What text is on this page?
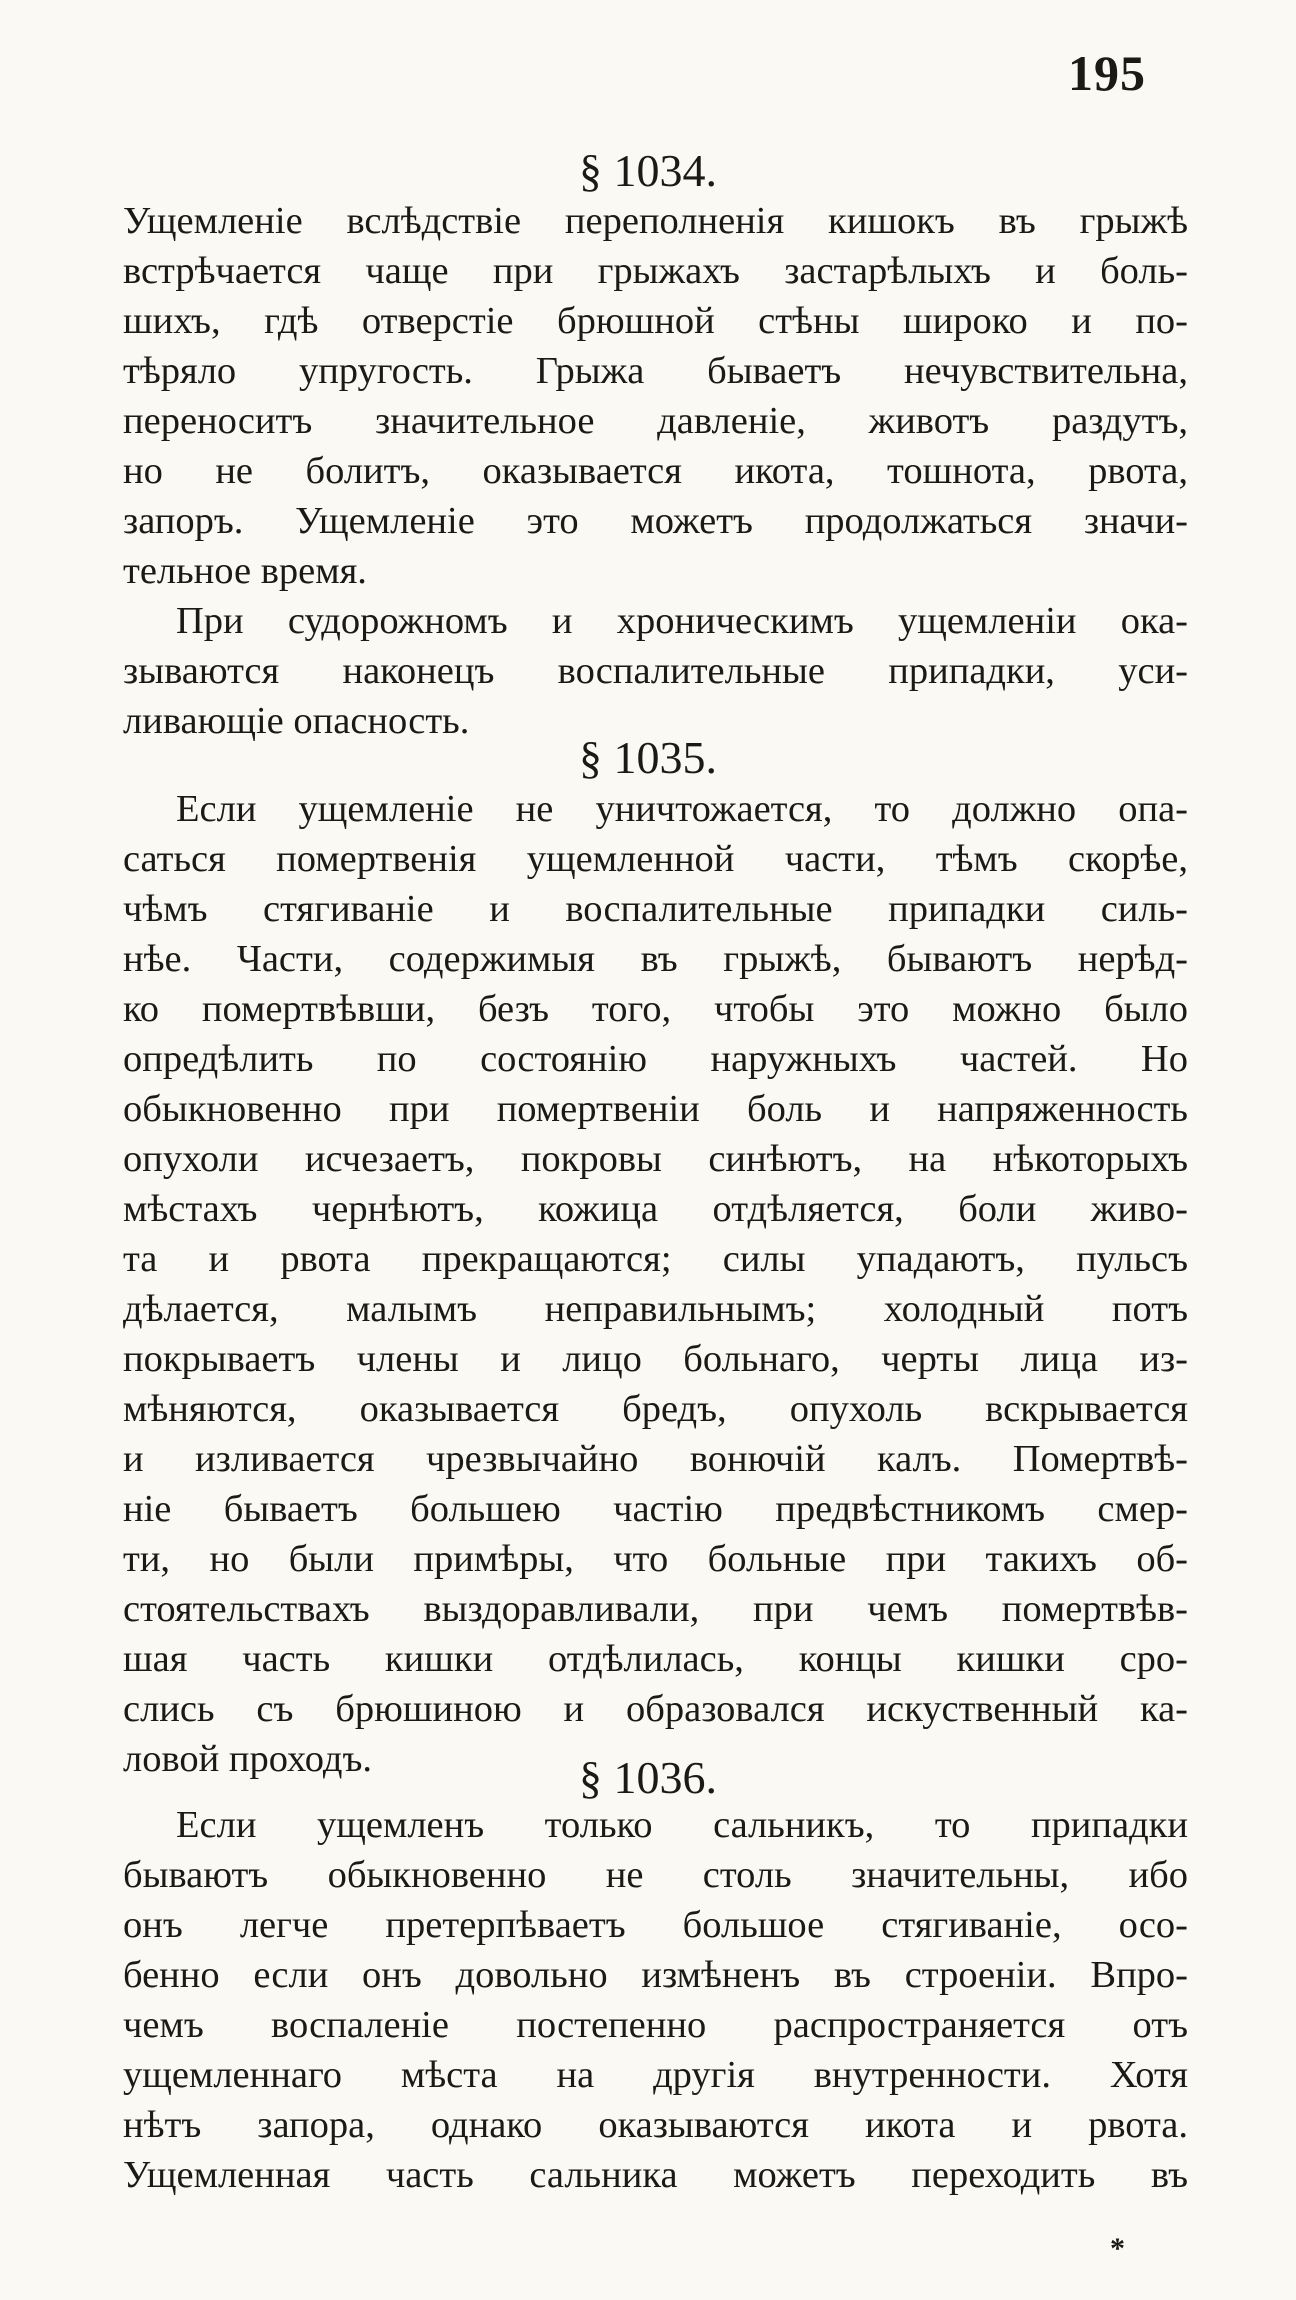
195
§ 1034.
Ущемленіе вслѣдствіе переполненія кишокъ въ грыжѣ
встрѣчается чаще при грыжахъ застарѣлыхъ и боль-
шихъ, гдѣ отверстіе брюшной стѣны широко и по-
тѣряло упругость. Грыжа бываетъ нечувствительна,
переноситъ значительное давленіе, животъ раздутъ,
но не болитъ, оказывается икота, тошнота, рвота,
запоръ. Ущемленіе это можетъ продолжаться значи-
тельное время.
При судорожномъ и хроническимъ ущемленіи ока-
зываются наконецъ воспалительные припадки, уси-
ливающіе опасность.
§ 1035.
Если ущемленіе не уничтожается, то должно опа-
саться помертвенія ущемленной части, тѣмъ скорѣе,
чѣмъ стягиваніе и воспалительные припадки силь-
нѣе. Части, содержимыя въ грыжѣ, бываютъ нерѣд-
ко помертвѣвши, безъ того, чтобы это можно было
опредѣлить по состоянію наружныхъ частей. Но
обыкновенно при помертвеніи боль и напряженность
опухоли исчезаетъ, покровы синѣютъ, на нѣкоторыхъ
мѣстахъ чернѣютъ, кожица отдѣляется, боли живо-
та и рвота прекращаются; силы упадаютъ, пульсъ
дѣлается, малымъ неправильнымъ; холодный потъ
покрываетъ члены и лицо больнаго, черты лица из-
мѣняются, оказывается бредъ, опухоль вскрывается
и изливается чрезвычайно вонючій калъ. Помертвѣ-
ніе бываетъ большею частію предвѣстникомъ смер-
ти, но были примѣры, что больные при такихъ об-
стоятельствахъ выздоравливали, при чемъ помертвѣв-
шая часть кишки отдѣлилась, концы кишки сро-
слись съ брюшиною и образовался искуственный ка-
ловой проходъ.	§ 1036.
Если ущемленъ только сальникъ, то припадки
бываютъ обыкновенно не столь значительны, ибо
онъ легче претерпѣваетъ большое стягиваніе, осо-
бенно если онъ довольно измѣненъ въ строеніи. Впро-
чемъ воспаленіе постепенно распространяется отъ
ущемленнаго мѣста на другія внутренности. Хотя
нѣтъ запора, однако оказываются икота и рвота.
Ущемленная часть сальника можетъ переходить въ
*
